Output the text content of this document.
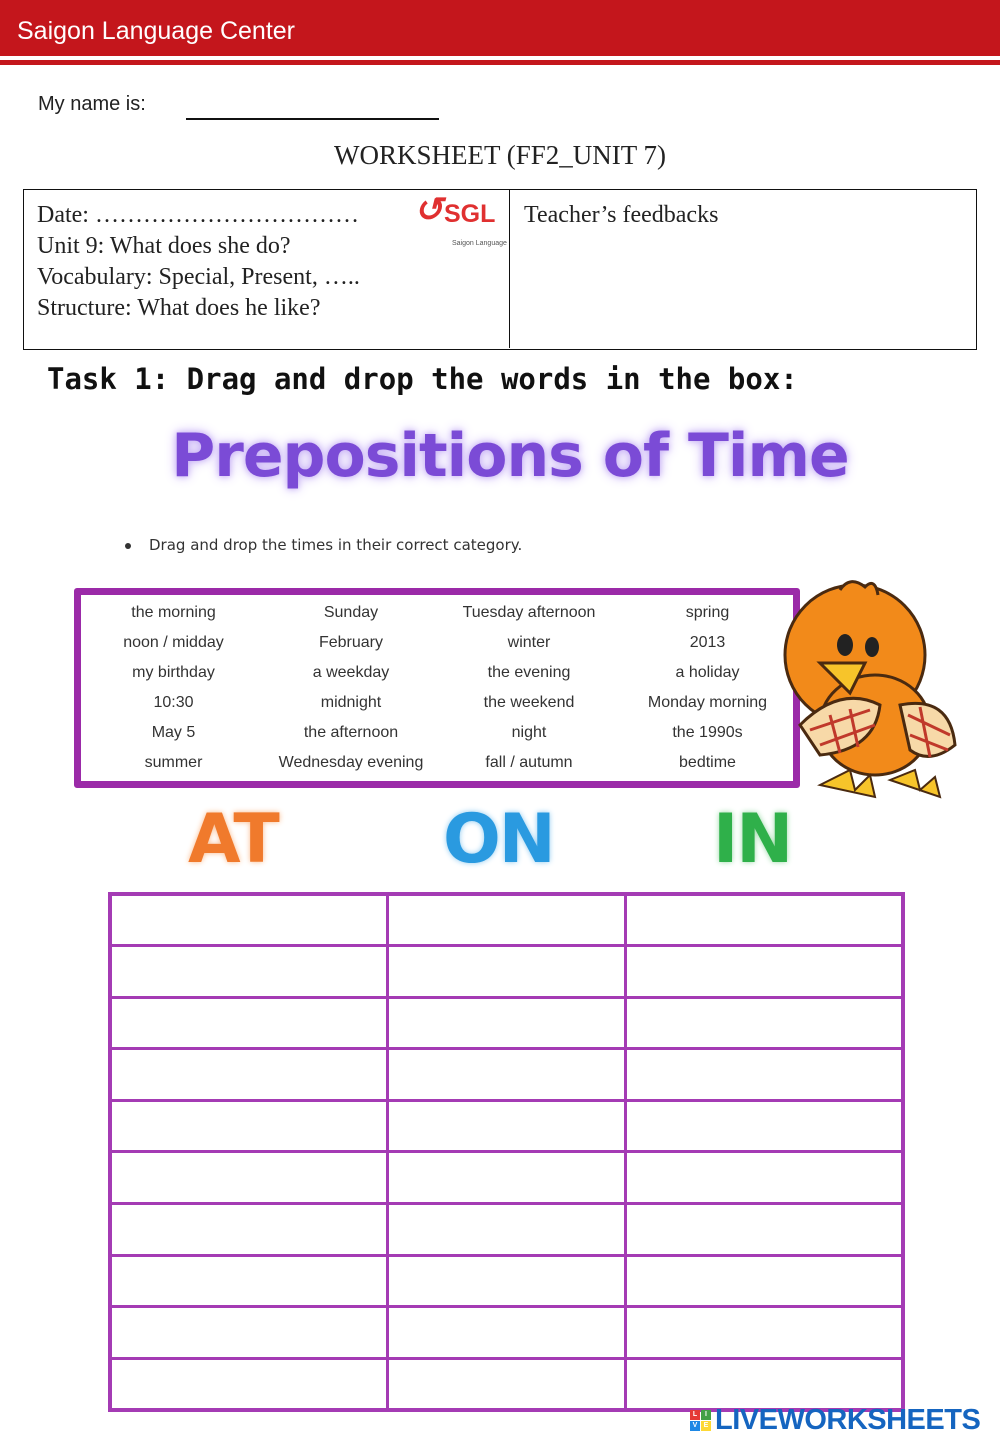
Saigon Language Center
My name is:
WORKSHEET (FF2_UNIT 7)
Date: ……………………………
Unit 9: What does she do?
Vocabulary: Special, Present, …..
Structure: What does he like?
↺ SGL
Saigon Language
Teacher’s feedbacks
Task 1: Drag and drop the words in the box:
Prepositions of Time
Drag and drop the times in their correct category.
the morning	Sunday	Tuesday afternoon	spring
noon / midday	February	winter	2013
my birthday	a weekday	the evening	a holiday
10:30	midnight	the weekend	Monday morning
May 5	the afternoon	night	the 1990s
summer	Wednesday evening	fall / autumn	bedtime
AT ON IN

L	I
V E LIVEWORKSHEETS
